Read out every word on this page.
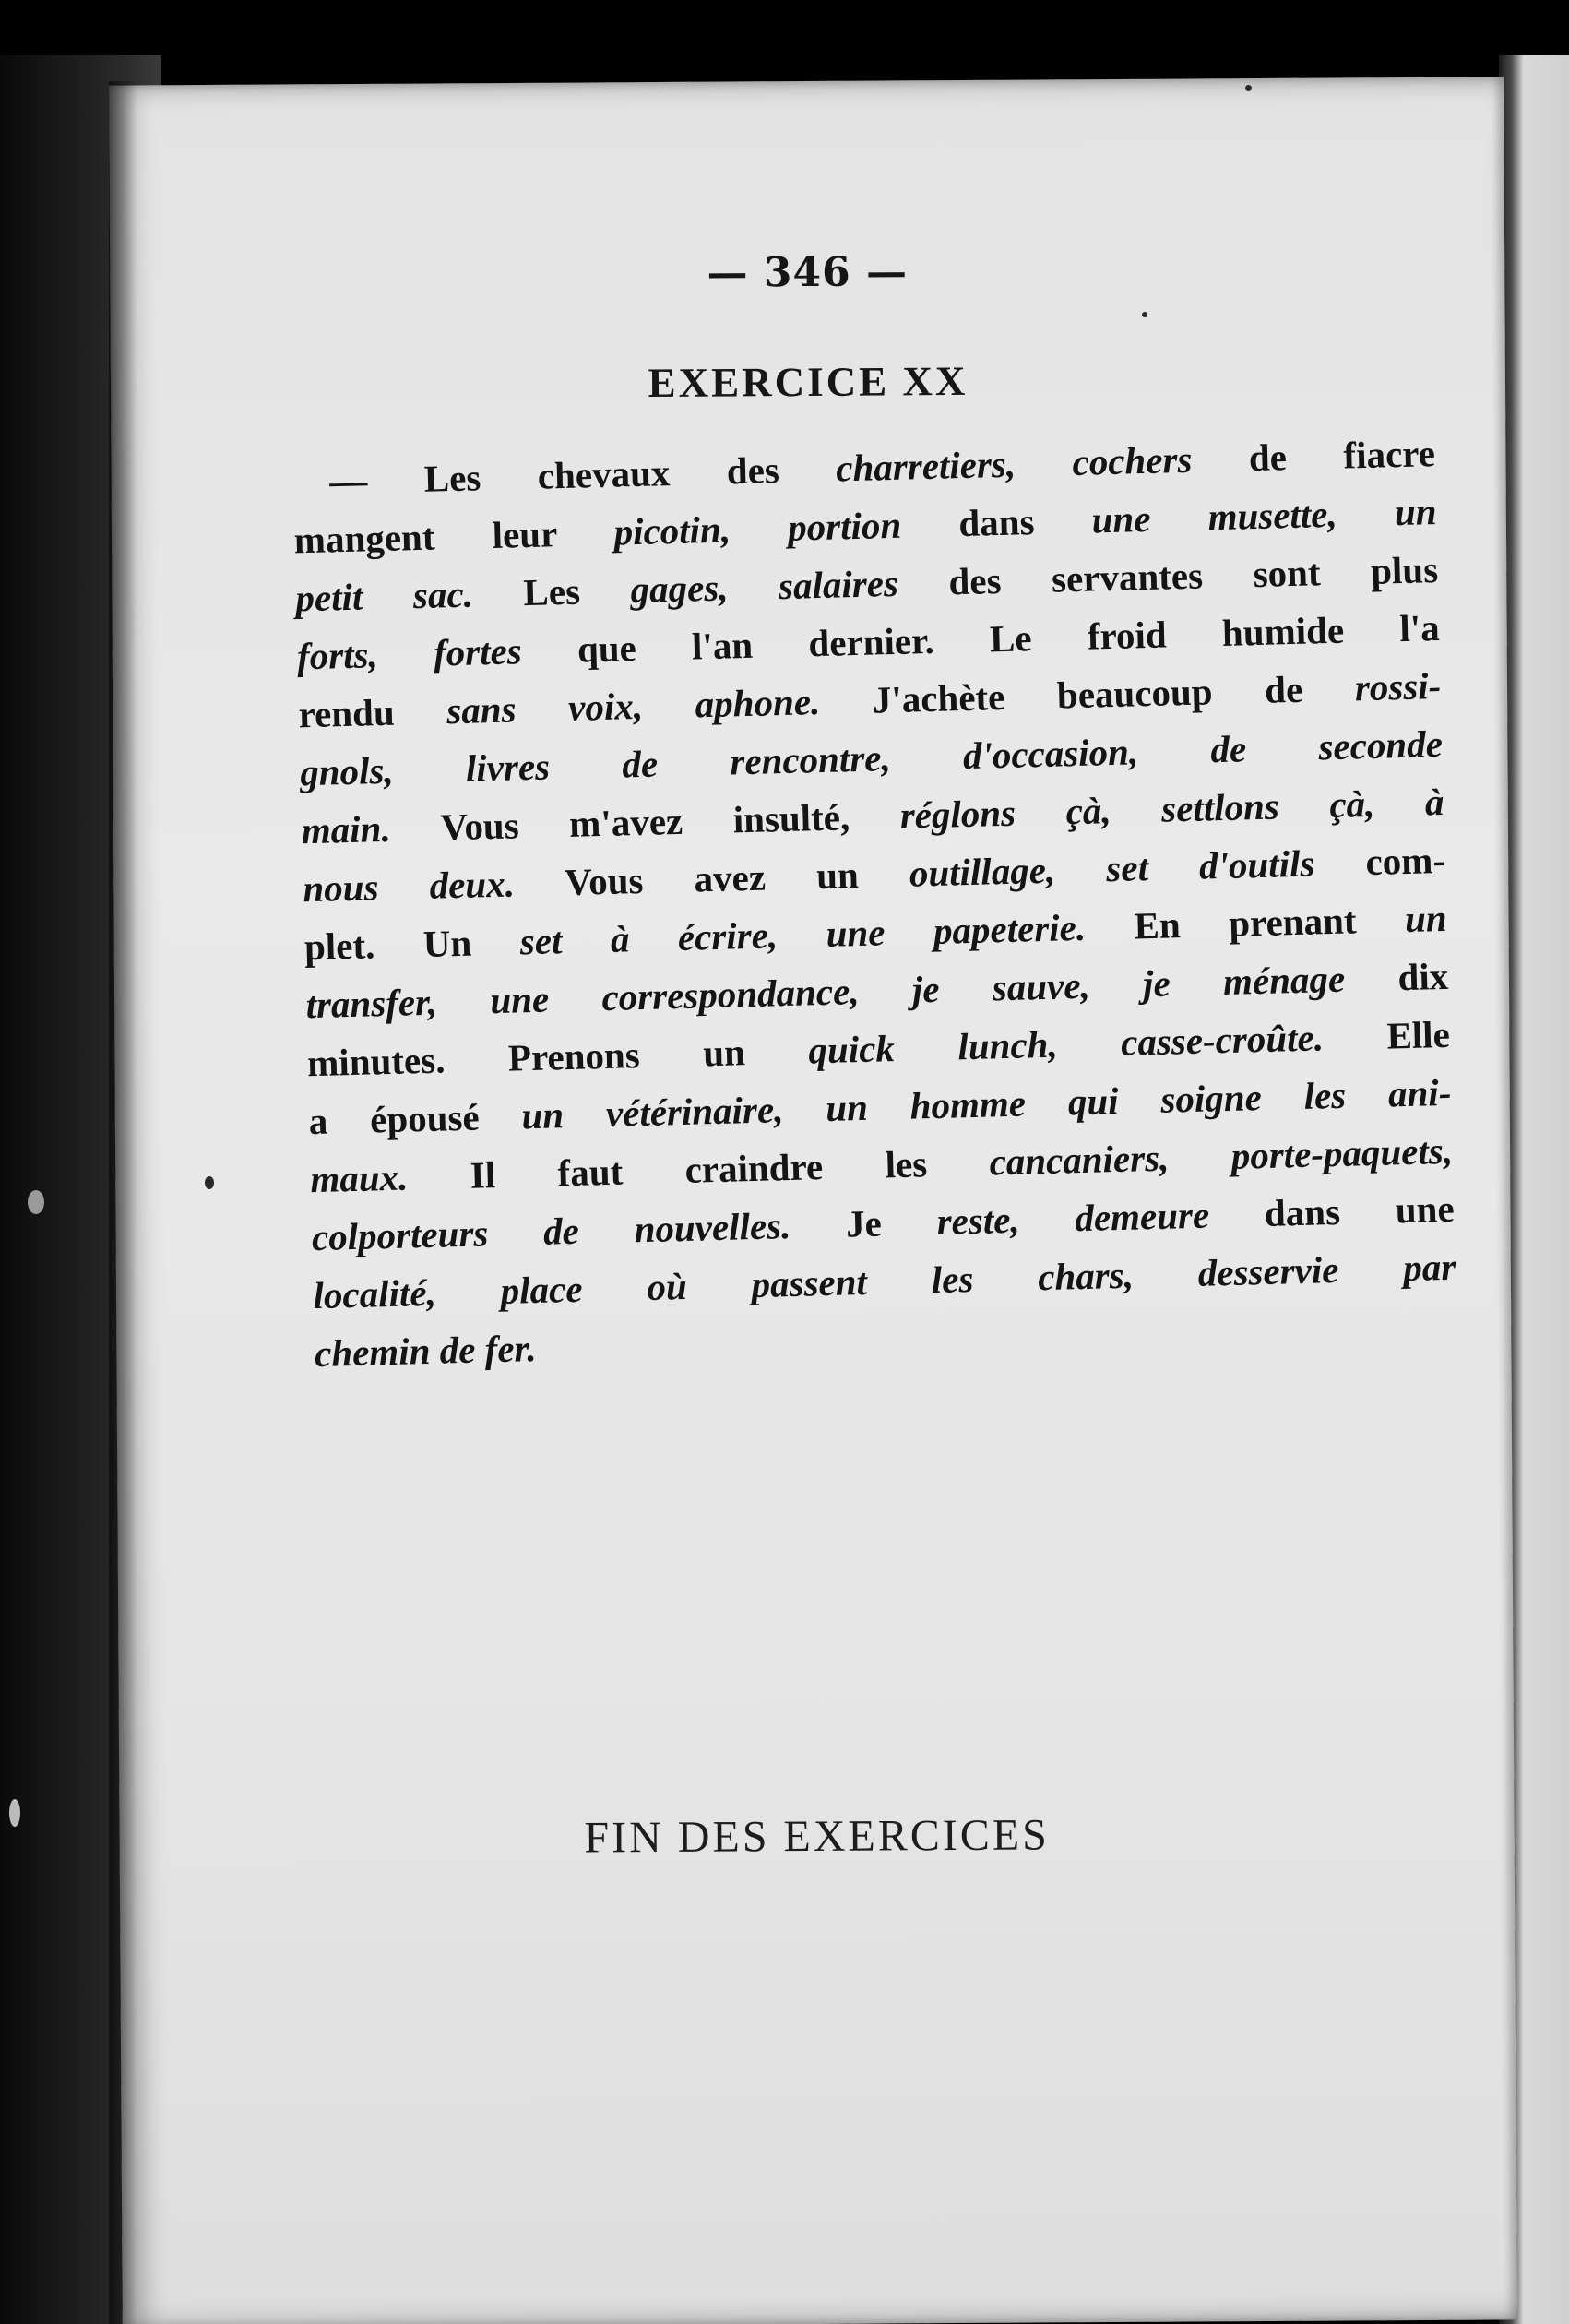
— 346 —
EXERCICE XX
— Les chevaux des charretiers, cochers de fiacre
mangent leur picotin, portion dans une musette, un
petit sac. Les gages, salaires des servantes sont plus
forts, fortes que l'an dernier. Le froid humide l'a
rendu sans voix, aphone. J'achète beaucoup de rossi-
gnols, livres de rencontre, d'occasion, de seconde
main. Vous m'avez insulté, réglons çà, settlons çà, à
nous deux. Vous avez un outillage, set d'outils com-
plet. Un set à écrire, une papeterie. En prenant un
transfer, une correspondance, je sauve, je ménage dix
minutes. Prenons un quick lunch, casse-croûte. Elle
a épousé un vétérinaire, un homme qui soigne les ani-
maux. Il faut craindre les cancaniers, porte-paquets,
colporteurs de nouvelles. Je reste, demeure dans une
localité, place où passent les chars, desservie par
chemin de fer.
FIN DES EXERCICES
